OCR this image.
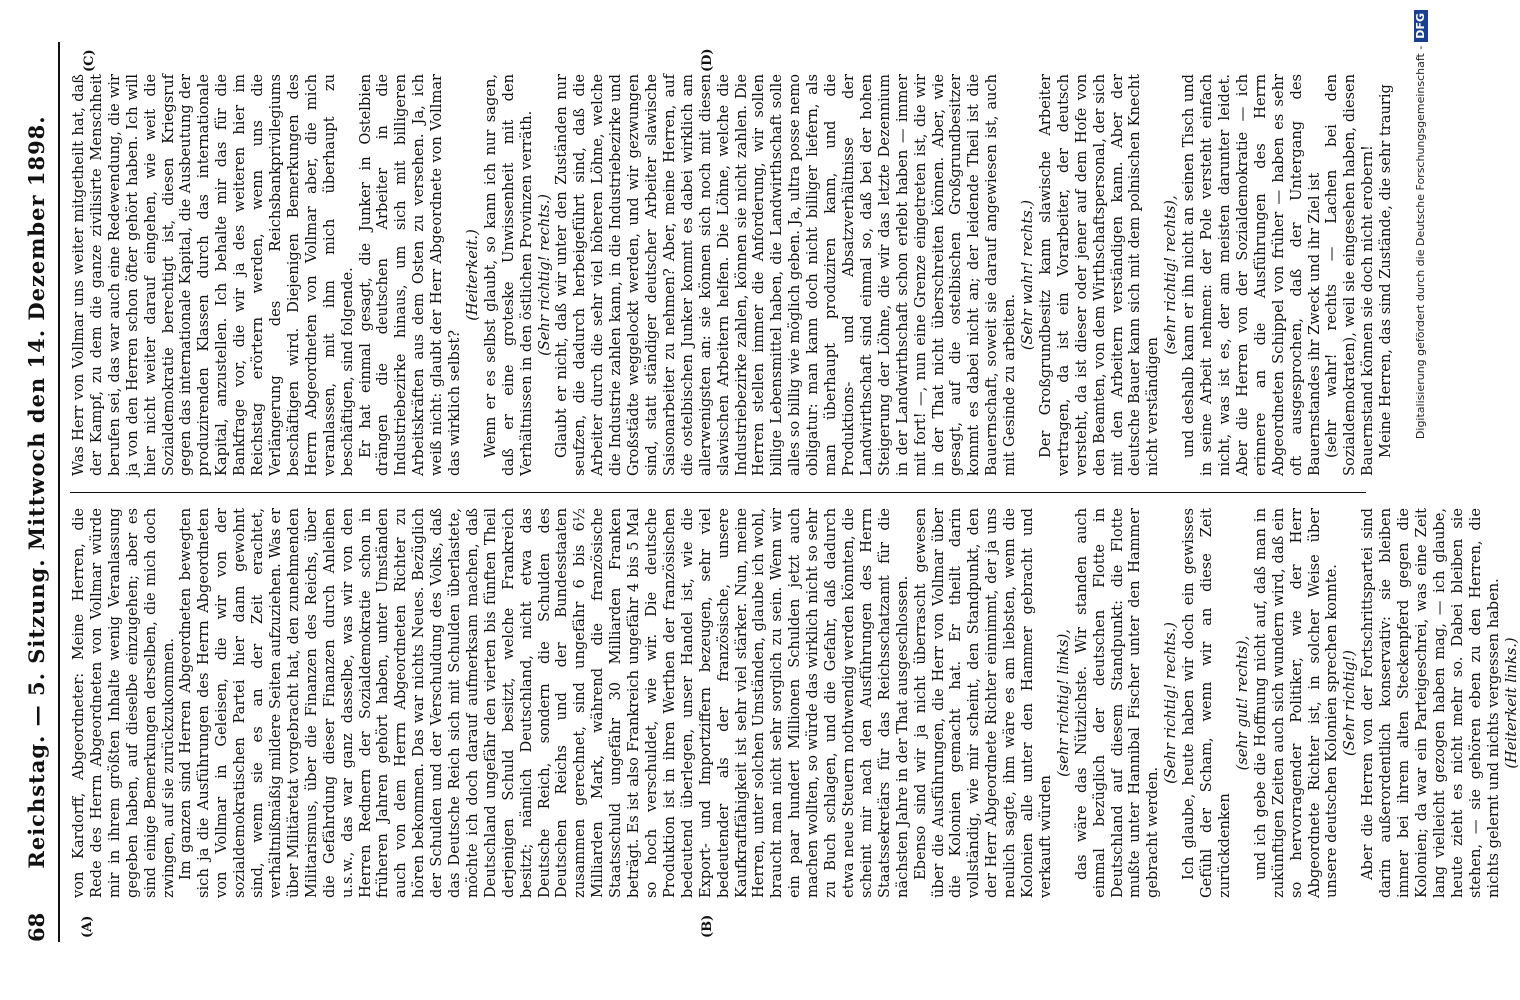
68
Reichstag. — 5. Sitzung. Mittwoch den 14. Dezember 1898. von Kardorff, Abgeordneter: Meine Herren, die Rede des Herrn Abgeordneten von Vollmar würde mir in ihrem größten Inhalte wenig Veranlassung gegeben haben, auf dieselbe einzugehen; aber es sind einige Bemerkungen derselben, die mich doch zwingen, auf sie zurückzukommen. Im ganzen sind Herren Abgeordneten bewegten sich ja die Ausführungen des Herrn Abgeordneten von Vollmar in Geleisen, die wir von der sozialdemokratischen Partei hier dann gewohnt sind, wenn sie es an der Zeit erachtet, verhältnißmäßig mildere Seiten aufzuziehen. Was er über Militäretat vorgebracht hat, den zunehmenden Militarismus, über die Finanzen des Reichs, über die Gefährdung dieser Finanzen durch Anleihen u.s.w., das war ganz dasselbe, was wir von den Herren Rednern der Sozialdemokratie schon in früheren Jahren gehört haben, unter Umständen auch von dem Herrn Abgeordneten Richter zu hören bekommen. Das war nichts Neues. Bezüglich der Schulden und der Verschuldung des Volks, daß das Deutsche Reich sich mit Schulden überlastete, möchte ich doch darauf aufmerksam machen, daß Deutschland ungefähr den vierten bis fünften Theil derjenigen Schuld besitzt, welche Frankreich besitzt; nämlich Deutschland, nicht etwa das Deutsche Reich, sondern die Schulden des Deutschen Reichs und der Bundesstaaten zusammen gerechnet, sind ungefähr 6 bis 6½ Milliarden Mark, während die französische Staatsschuld ungefähr 30 Milliarden Franken beträgt. Es ist also Frankreich ungefähr 4 bis 5 Mal so hoch verschuldet, wie wir. Die deutsche Produktion ist in ihren Werthen der französischen bedeutend überlegen, unser Handel ist, wie die Export- und Importziffern bezeugen, sehr viel bedeutender als der französische, unsere Kaufkraftfähigkeit ist sehr viel stärker. Nun, meine Herren, unter solchen Umständen, glaube ich wohl, braucht man nicht sehr sorglich zu sein. Wenn wir ein paar hundert Millionen Schulden jetzt auch machen wollten, so würde das wirklich nicht so sehr zu Buch schlagen, und die Gefahr, daß dadurch etwa neue Steuern nothwendig werden könnten, die scheint mir nach den Ausführungen des Herrn Staatssekretärs für das Reichsschatzamt für die nächsten Jahre in der That ausgeschlossen. Ebenso sind wir ja nicht überrascht gewesen über die Ausführungen, die Herr von Vollmar über die Kolonien gemacht hat. Er theilt darin vollständig, wie mir scheint, den Standpunkt, den der Herr Abgeordnete Richter einnimmt, der ja uns neulich sagte, ihm wäre es am liebsten, wenn die Kolonien alle unter den Hammer gebracht und verkauft würden

(sehr richtig! links), das wäre das Nützlichste. Wir standen auch einmal bezüglich der deutschen Flotte in Deutschland auf diesem Standpunkt: die Flotte mußte unter Hannibal Fischer unter den Hammer gebracht werden.

(Sehr richtig! rechts.) Ich glaube, heute haben wir doch ein gewisses Gefühl der Scham, wenn wir an diese Zeit zurückdenken

(sehr gut! rechts), und ich gebe die Hoffnung nicht auf, daß man in zukünftigen Zeiten auch sich wundern wird, daß ein so hervorragender Politiker, wie der Herr Abgeordnete Richter ist, in solcher Weise über unsere deutschen Kolonien sprechen konnte. (Sehr richtig!) Aber die Herren von der Fortschrittspartei sind darin außerordentlich konservativ: sie bleiben immer bei ihrem alten Steckenpferd gegen die Kolonien; da war ein Parteigeschrei, was eine Zeit lang vielleicht gezogen haben mag, — ich glaube, heute zieht es nicht mehr so. Dabei bleiben sie stehen, — sie gehören eben zu den Herren, die nichts gelernt und nichts vergessen haben. (Heiterkeit links.)

Was Herr von Vollmar uns weiter mitgetheilt hat, daß der Kampf, zu dem die ganze zivilisirte Menschheit berufen sei, das war auch eine Redewendung, die wir ja von den Herren schon öfter gehört haben. Ich will hier nicht weiter darauf eingehen, wie weit die Sozialdemokratie berechtigt ist, diesen Kriegsruf gegen das internationale Kapital, die Ausbeutung der produzirenden Klassen durch das internationale Kapital, anzustellen. Ich behalte mir das für die Bankfrage vor, die wir ja des weiteren hier im Reichstag erörtern werden, wenn uns die Verlängerung des Reichsbankprivilegiums beschäftigen wird. Diejenigen Bemerkungen des Herrn Abgeordneten von Vollmar aber, die mich veranlassen, mit ihm mich überhaupt zu beschäftigen, sind folgende. Er hat einmal gesagt, die Junker in Ostelbien drängen die deutschen Arbeiter in die Industriebezirke hinaus, um sich mit billigeren Arbeitskräften aus dem Osten zu versehen. Ja, ich weiß nicht: glaubt der Herr Abgeordnete von Vollmar das wirklich selbst?

(Heiterkeit.) Wenn er es selbst glaubt, so kann ich nur sagen, daß er eine groteske Unwissenheit mit den Verhältnissen in den östlichen Provinzen verräth. (Sehr richtig! rechts.) Glaubt er nicht, daß wir unter den Zuständen nur seufzen, die dadurch herbeigeführt sind, daß die Arbeiter durch die sehr viel höheren Löhne, welche die Industrie zahlen kann, in die Industriebezirke und Großstädte weggelockt werden, und wir gezwungen sind, statt ständiger deutscher Arbeiter slawische Saisonarbeiter zu nehmen? Aber, meine Herren, auf die ostelbischen Junker kommt es dabei wirklich am allerwenigsten an: sie können sich noch mit diesen slawischen Arbeitern helfen. Die Löhne, welche die Industriebezirke zahlen, können sie nicht zahlen. Die Herren stellen immer die Anforderung, wir sollen billige Lebensmittel haben, die Landwirthschaft solle alles so billig wie möglich geben. Ja, ultra posse nemo obligatur: man kann doch nicht billiger liefern, als man überhaupt produziren kann, und die Produktions- und Absatzverhältnisse der Landwirthschaft sind einmal so, daß bei der hohen Steigerung der Löhne, die wir das letzte Dezennium in der Landwirthschaft schon erlebt haben — immer mit fort! —, nun eine Grenze eingetreten ist, die wir in der That nicht überschreiten können. Aber, wie gesagt, auf die ostelbischen Großgrundbesitzer kommt es dabei nicht an; der leidende Theil ist die Bauernschaft, soweit sie darauf angewiesen ist, auch mit Gesinde zu arbeiten.

(Sehr wahr! rechts.) Der Großgrundbesitz kann slawische Arbeiter vertragen, da ist ein Vorarbeiter, der deutsch versteht, da ist dieser oder jener auf dem Hofe von den Beamten, von dem Wirthschaftspersonal, der sich mit den Arbeitern verständigen kann. Aber der deutsche Bauer kann sich mit dem polnischen Knecht nicht verständigen

(sehr richtig! rechts), und deshalb kann er ihn nicht an seinen Tisch und in seine Arbeit nehmen: der Pole versteht einfach nicht, was ist es, der am meisten darunter leidet. Aber die Herren von der Sozialdemokratie — ich erinnere an die Ausführungen des Herrn Abgeordneten Schippel von früher — haben es sehr oft ausgesprochen, daß der Untergang des Bauernstandes ihr Zweck und ihr Ziel ist (sehr wahr! rechts — Lachen bei den Sozialdemokraten), weil sie eingesehen haben, diesen Bauernstand können sie doch nicht erobern! Meine Herren, das sind Zustände, die sehr traurig

(A)	(B)
(C)	(D)	Digitalisierung gefördert durch die Deutsche Forschungsgemeinschaft -DFG
